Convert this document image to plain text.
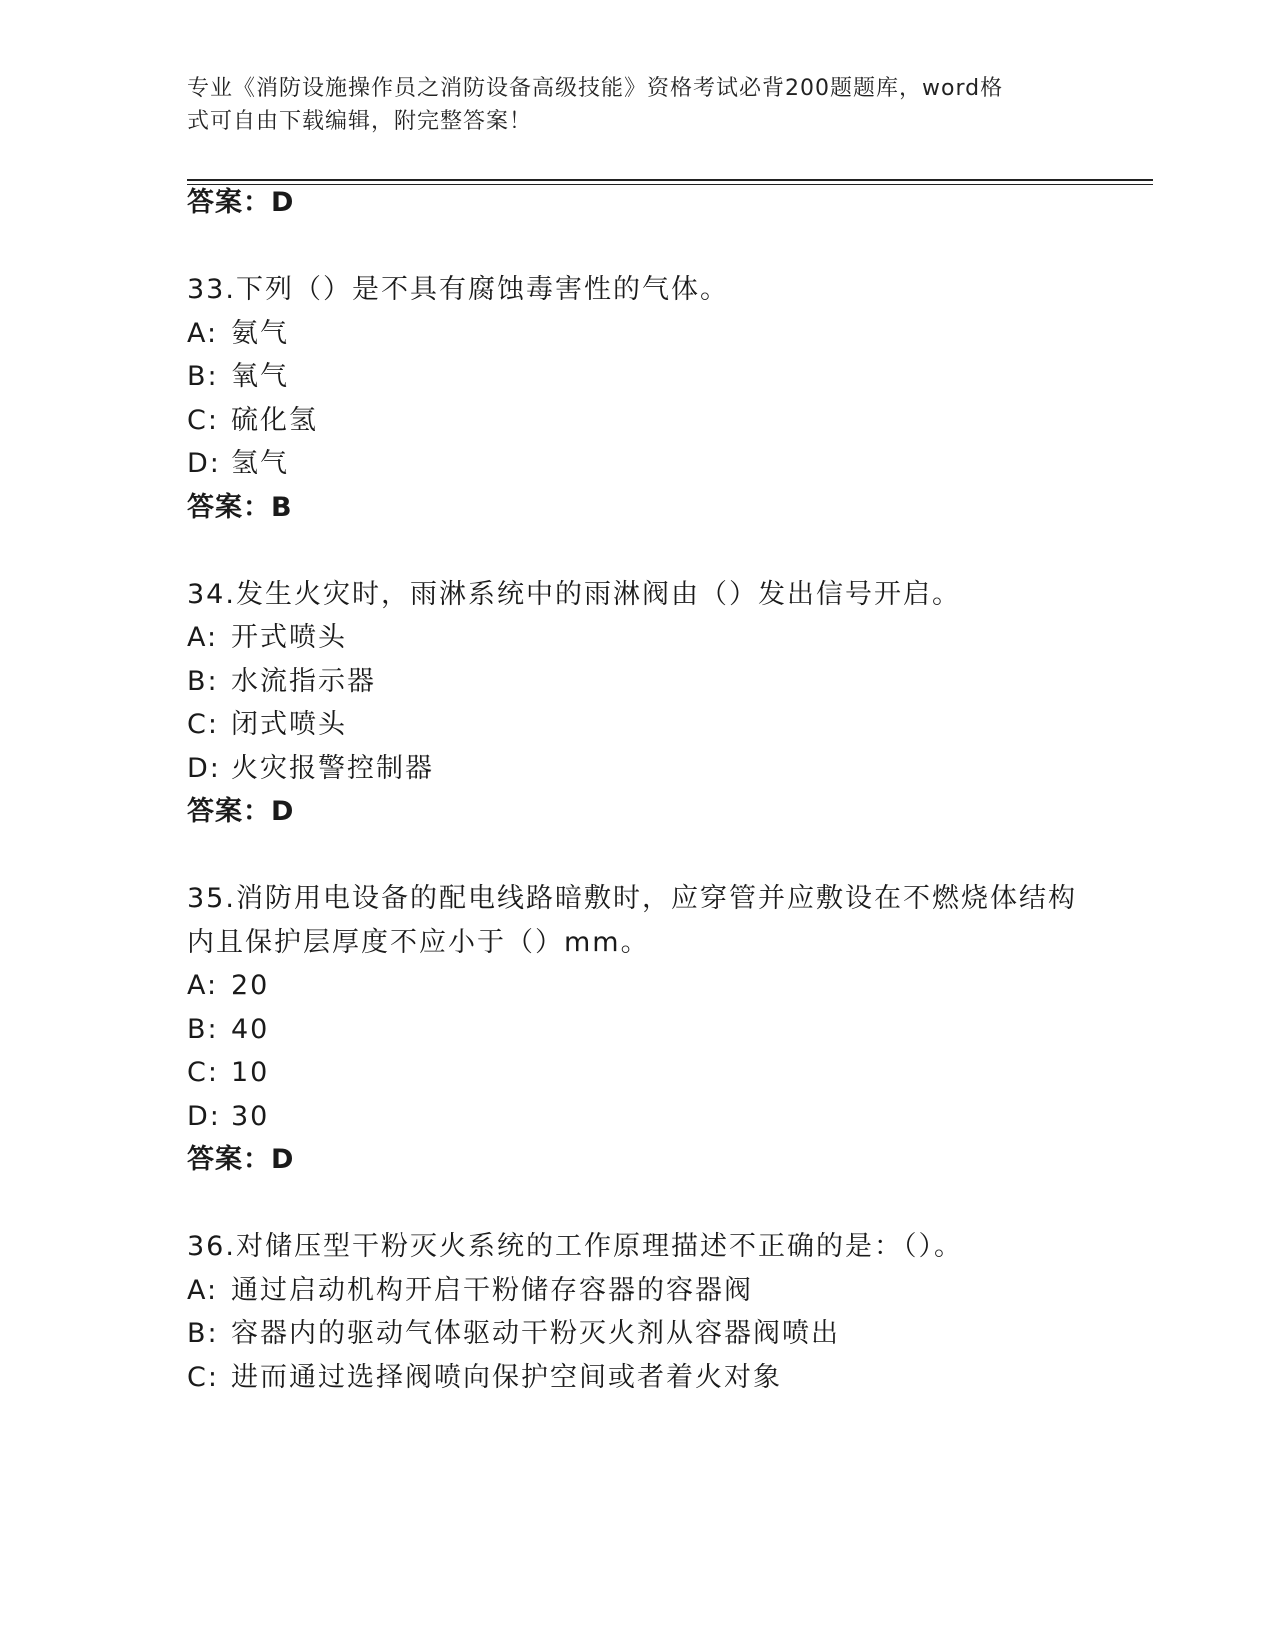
专业《消防设施操作员之消防设备高级技能》资格考试必背200题题库，word格
式可自由下载编辑，附完整答案！
答案：D
33.下列（）是不具有腐蚀毒害性的气体。
A: 氨气
B: 氧气
C: 硫化氢
D: 氢气
答案：B
34.发生火灾时，雨淋系统中的雨淋阀由（）发出信号开启。
A: 开式喷头
B: 水流指示器
C: 闭式喷头
D: 火灾报警控制器
答案：D
35.消防用电设备的配电线路暗敷时，应穿管并应敷设在不燃烧体结构
内且保护层厚度不应小于（）mm。
A: 20
B: 40
C: 10
D: 30
答案：D
36.对储压型干粉灭火系统的工作原理描述不正确的是：（）。
A: 通过启动机构开启干粉储存容器的容器阀
B: 容器内的驱动气体驱动干粉灭火剂从容器阀喷出
C: 进而通过选择阀喷向保护空间或者着火对象
